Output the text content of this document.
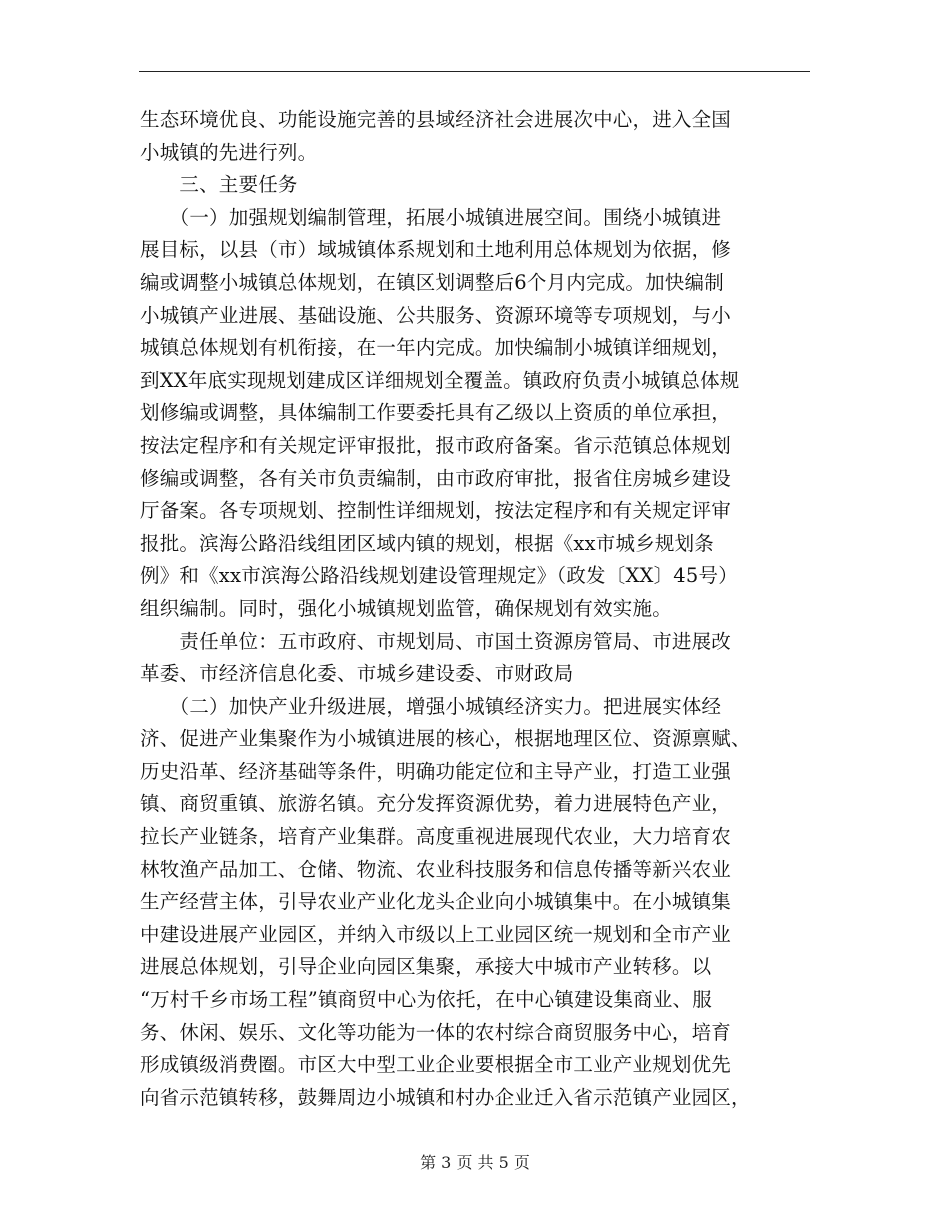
生态环境优良、功能设施完善的县域经济社会进展次中心，进入全国
小城镇的先进行列。
　　三、主要任务
　　（一）加强规划编制管理，拓展小城镇进展空间。围绕小城镇进
展目标，以县（市）域城镇体系规划和土地利用总体规划为依据，修
编或调整小城镇总体规划，在镇区划调整后6个月内完成。加快编制
小城镇产业进展、基础设施、公共服务、资源环境等专项规划，与小
城镇总体规划有机衔接，在一年内完成。加快编制小城镇详细规划，
到XX年底实现规划建成区详细规划全覆盖。镇政府负责小城镇总体规
划修编或调整，具体编制工作要委托具有乙级以上资质的单位承担，
按法定程序和有关规定评审报批，报市政府备案。省示范镇总体规划
修编或调整，各有关市负责编制，由市政府审批，报省住房城乡建设
厅备案。各专项规划、控制性详细规划，按法定程序和有关规定评审
报批。滨海公路沿线组团区域内镇的规划，根据《xx市城乡规划条
例》和《xx市滨海公路沿线规划建设管理规定》（政发〔XX〕45号）
组织编制。同时，强化小城镇规划监管，确保规划有效实施。
　　责任单位：五市政府、市规划局、市国土资源房管局、市进展改
革委、市经济信息化委、市城乡建设委、市财政局
　　（二）加快产业升级进展，增强小城镇经济实力。把进展实体经
济、促进产业集聚作为小城镇进展的核心，根据地理区位、资源禀赋、
历史沿革、经济基础等条件，明确功能定位和主导产业，打造工业强
镇、商贸重镇、旅游名镇。充分发挥资源优势，着力进展特色产业，
拉长产业链条，培育产业集群。高度重视进展现代农业，大力培育农
林牧渔产品加工、仓储、物流、农业科技服务和信息传播等新兴农业
生产经营主体，引导农业产业化龙头企业向小城镇集中。在小城镇集
中建设进展产业园区，并纳入市级以上工业园区统一规划和全市产业
进展总体规划，引导企业向园区集聚，承接大中城市产业转移。以
“万村千乡市场工程”镇商贸中心为依托，在中心镇建设集商业、服
务、休闲、娱乐、文化等功能为一体的农村综合商贸服务中心，培育
形成镇级消费圈。市区大中型工业企业要根据全市工业产业规划优先
向省示范镇转移，鼓舞周边小城镇和村办企业迁入省示范镇产业园区，
第 3 页 共 5 页
